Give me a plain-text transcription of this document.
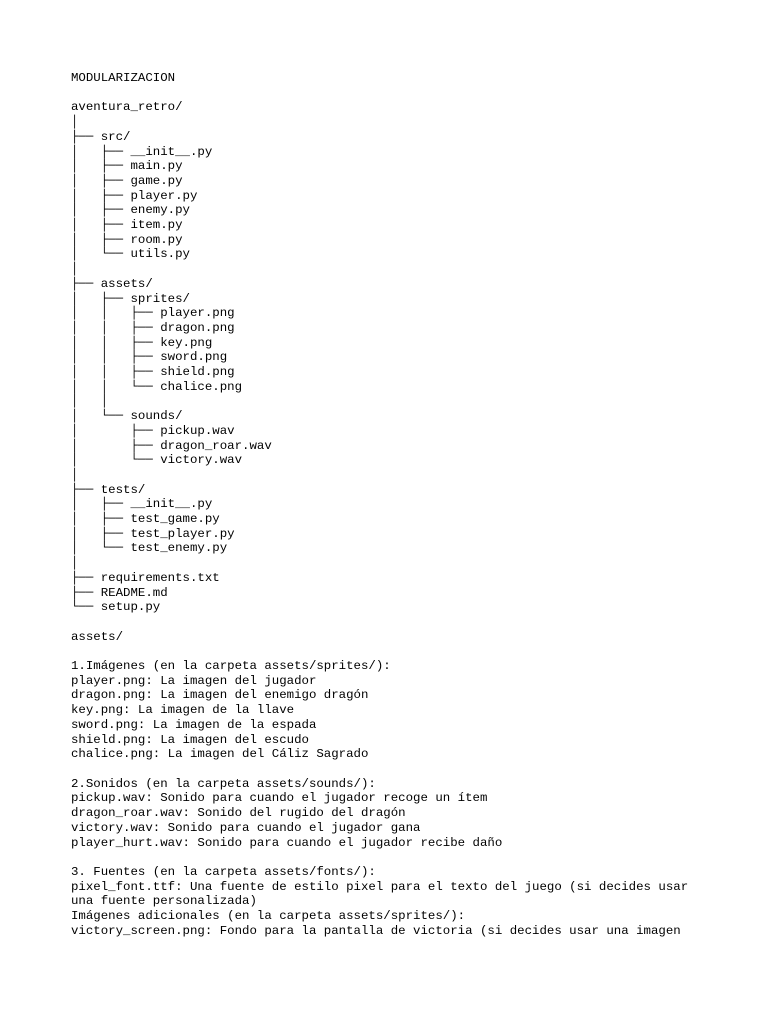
MODULARIZACION
aventura_retro/
│
├── src/
│   ├── __init__.py
│   ├── main.py
│   ├── game.py
│   ├── player.py
│   ├── enemy.py
│   ├── item.py
│   ├── room.py
│   └── utils.py
│
├── assets/
│   ├── sprites/
│   │   ├── player.png
│   │   ├── dragon.png
│   │   ├── key.png
│   │   ├── sword.png
│   │   ├── shield.png
│   │   └── chalice.png
│   │
│   └── sounds/
│       ├── pickup.wav
│       ├── dragon_roar.wav
│       └── victory.wav
│
├── tests/
│   ├── __init__.py
│   ├── test_game.py
│   ├── test_player.py
│   └── test_enemy.py
│
├── requirements.txt
├── README.md
└── setup.py
assets/
1.Imágenes (en la carpeta assets/sprites/):
player.png: La imagen del jugador
dragon.png: La imagen del enemigo dragón
key.png: La imagen de la llave
sword.png: La imagen de la espada
shield.png: La imagen del escudo
chalice.png: La imagen del Cáliz Sagrado
2.Sonidos (en la carpeta assets/sounds/):
pickup.wav: Sonido para cuando el jugador recoge un ítem
dragon_roar.wav: Sonido del rugido del dragón
victory.wav: Sonido para cuando el jugador gana
player_hurt.wav: Sonido para cuando el jugador recibe daño
3. Fuentes (en la carpeta assets/fonts/):
pixel_font.ttf: Una fuente de estilo pixel para el texto del juego (si decides usar
una fuente personalizada)
Imágenes adicionales (en la carpeta assets/sprites/):
victory_screen.png: Fondo para la pantalla de victoria (si decides usar una imagen
